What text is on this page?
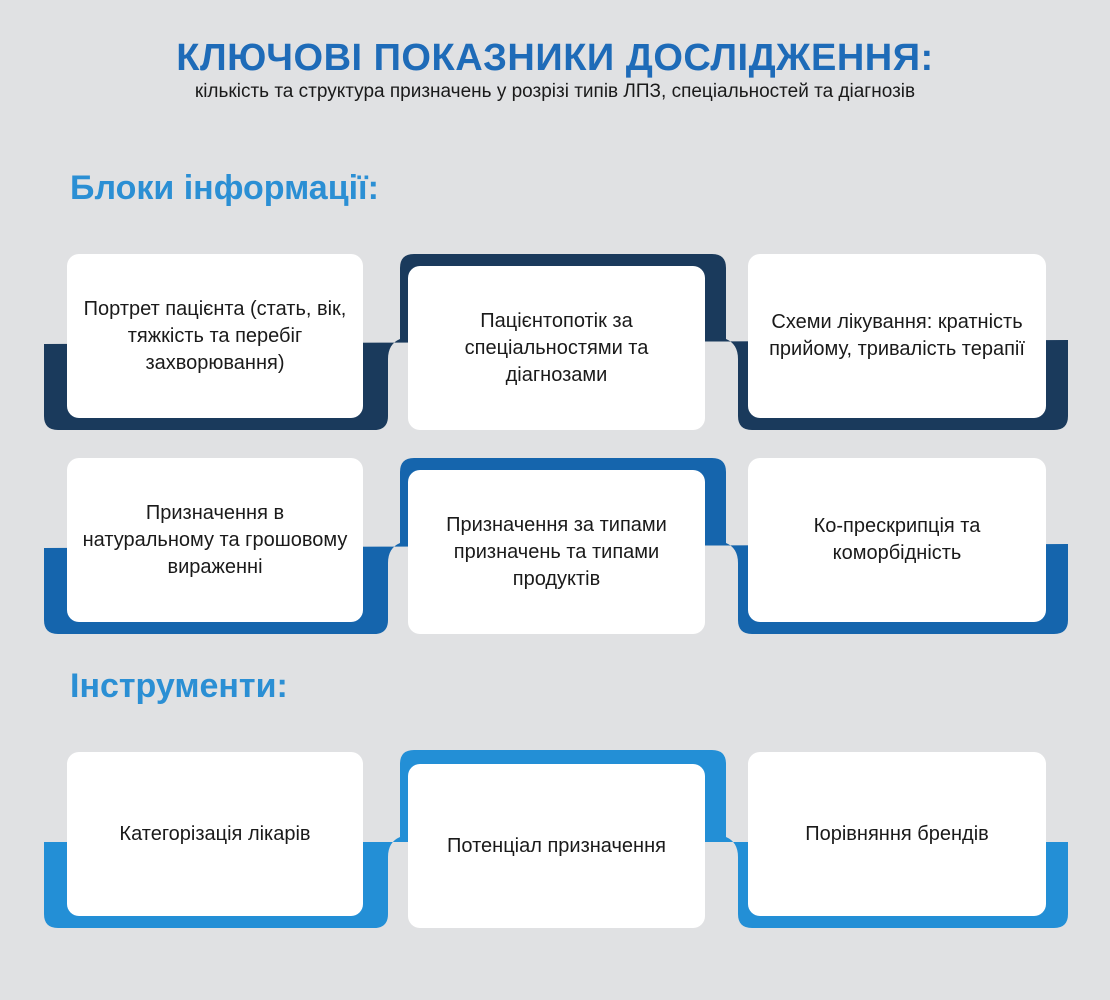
КЛЮЧОВІ ПОКАЗНИКИ ДОСЛІДЖЕННЯ:
кількість та структура призначень у розрізі типів ЛПЗ, спеціальностей та діагнозів
Блоки інформації:
Портрет пацієнта (стать, вік, тяжкість та перебіг захворювання)
Пацієнтопотік за спеціальностями та діагнозами
Схеми лікування: кратність прийому, тривалість терапії
Призначення в натуральному та грошовому вираженні
Призначення за типами призначень та типами продуктів
Ко-прескрипція та коморбідність
Інструменти:
Категорізація лікарів
Потенціал призначення
Порівняння брендів
